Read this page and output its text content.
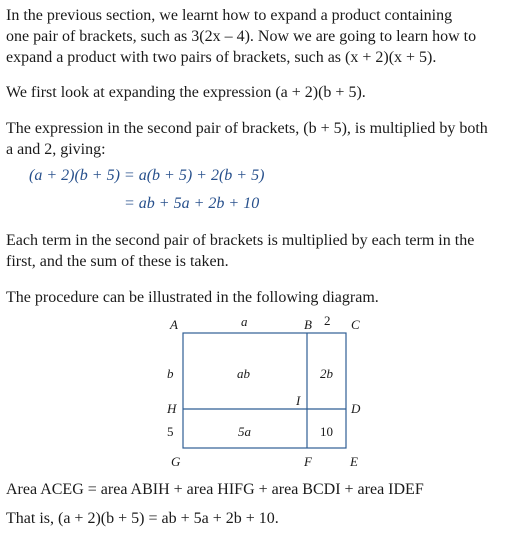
In the previous section, we learnt how to expand a product containing
one pair of brackets, such as 3(2x – 4). Now we are going to learn how to
expand a product with two pairs of brackets, such as (x + 2)(x + 5).
We first look at expanding the expression (a + 2)(b + 5).
The expression in the second pair of brackets, (b + 5), is multiplied by both
a and 2, giving:
(a + 2)(b + 5) = a(b + 5) + 2(b + 5)
= ab + 5a + 2b + 10
Each term in the second pair of brackets is multiplied by each term in the
first, and the sum of these is taken.
The procedure can be illustrated in the following diagram.
A	a	B 2 C
b	ab	2b
H
I
D
5	5a	10
G	F	E
Area ACEG = area ABIH + area HIFG + area BCDI + area IDEF
That is, (a + 2)(b + 5) = ab + 5a + 2b + 10.
